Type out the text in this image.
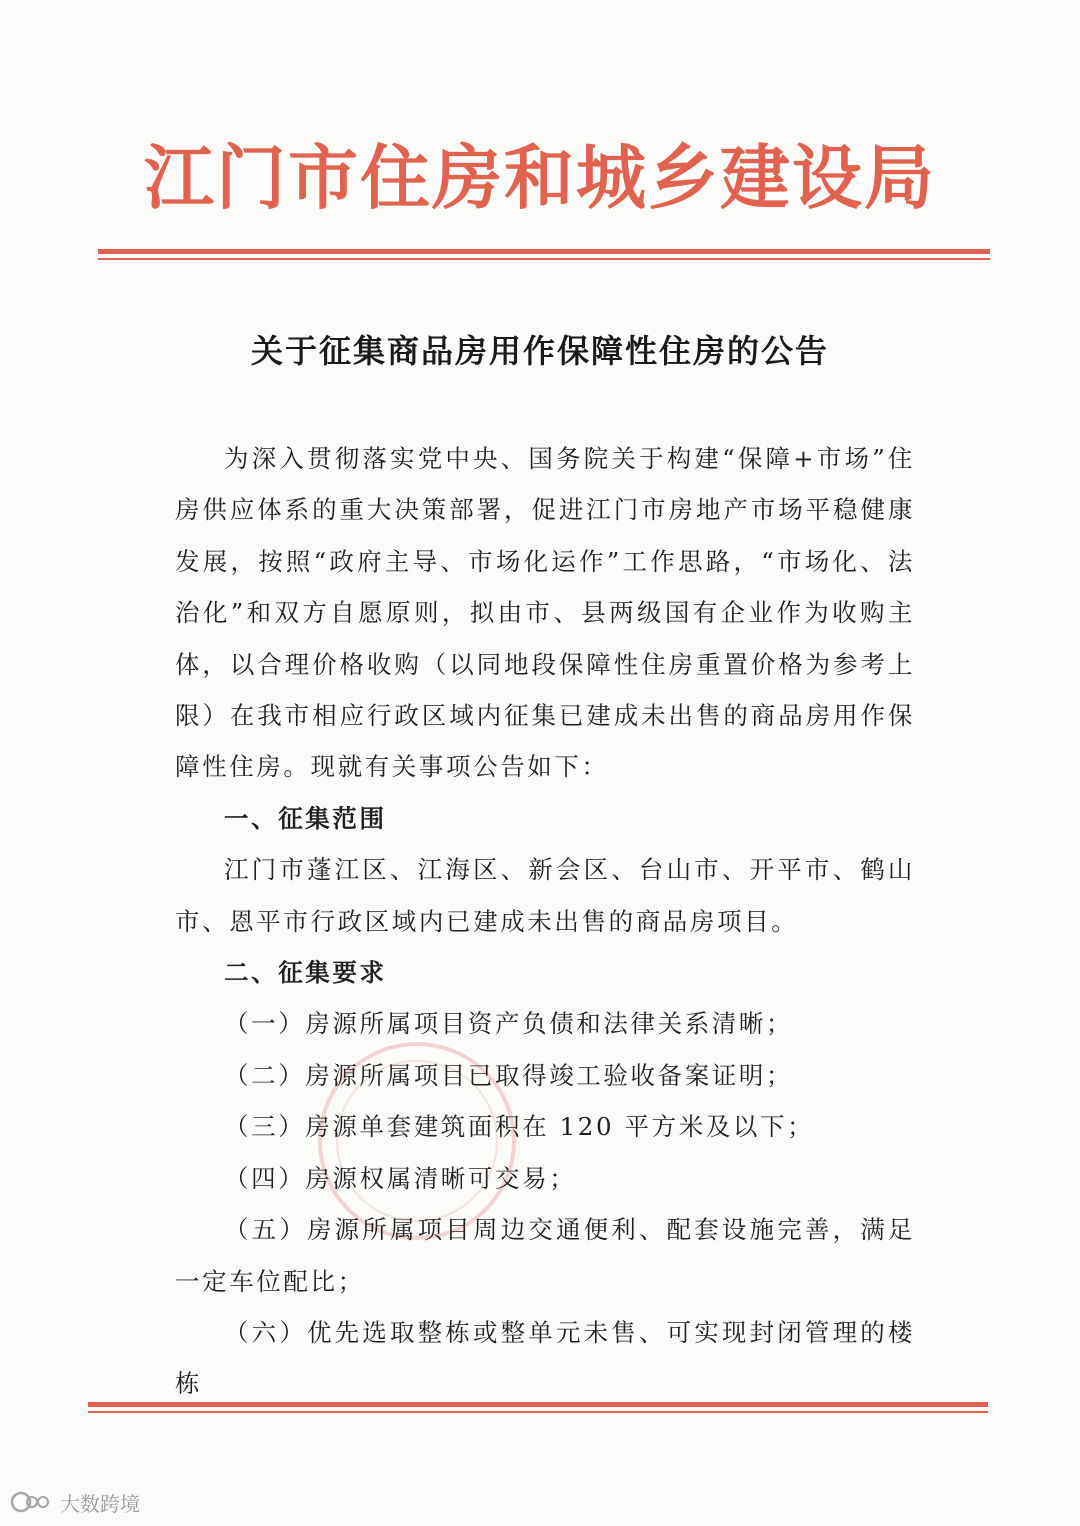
江门市住房和城乡建设局
关于征集商品房用作保障性住房的公告

为深入贯彻落实党中央、国务院关于构建“保障+市场”住房供应体系的重大决策部署，促进江门市房地产市场平稳健康发展，按照“政府主导、市场化运作”工作思路，“市场化、法治化”和双方自愿原则，拟由市、县两级国有企业作为收购主体，以合理价格收购（以同地段保障性住房重置价格为参考上限）在我市相应行政区域内征集已建成未出售的商品房用作保障性住房。现就有关事项公告如下：

一、征集范围

江门市蓬江区、江海区、新会区、台山市、开平市、鹤山市、恩平市行政区域内已建成未出售的商品房项目。

二、征集要求

（一）房源所属项目资产负债和法律关系清晰；

（二）房源所属项目已取得竣工验收备案证明；

（三）房源单套建筑面积在 120 平方米及以下；

（四）房源权属清晰可交易；

（五）房源所属项目周边交通便利、配套设施完善，满足一定车位配比；

（六）优先选取整栋或整单元未售、可实现封闭管理的楼栋

大数跨境
